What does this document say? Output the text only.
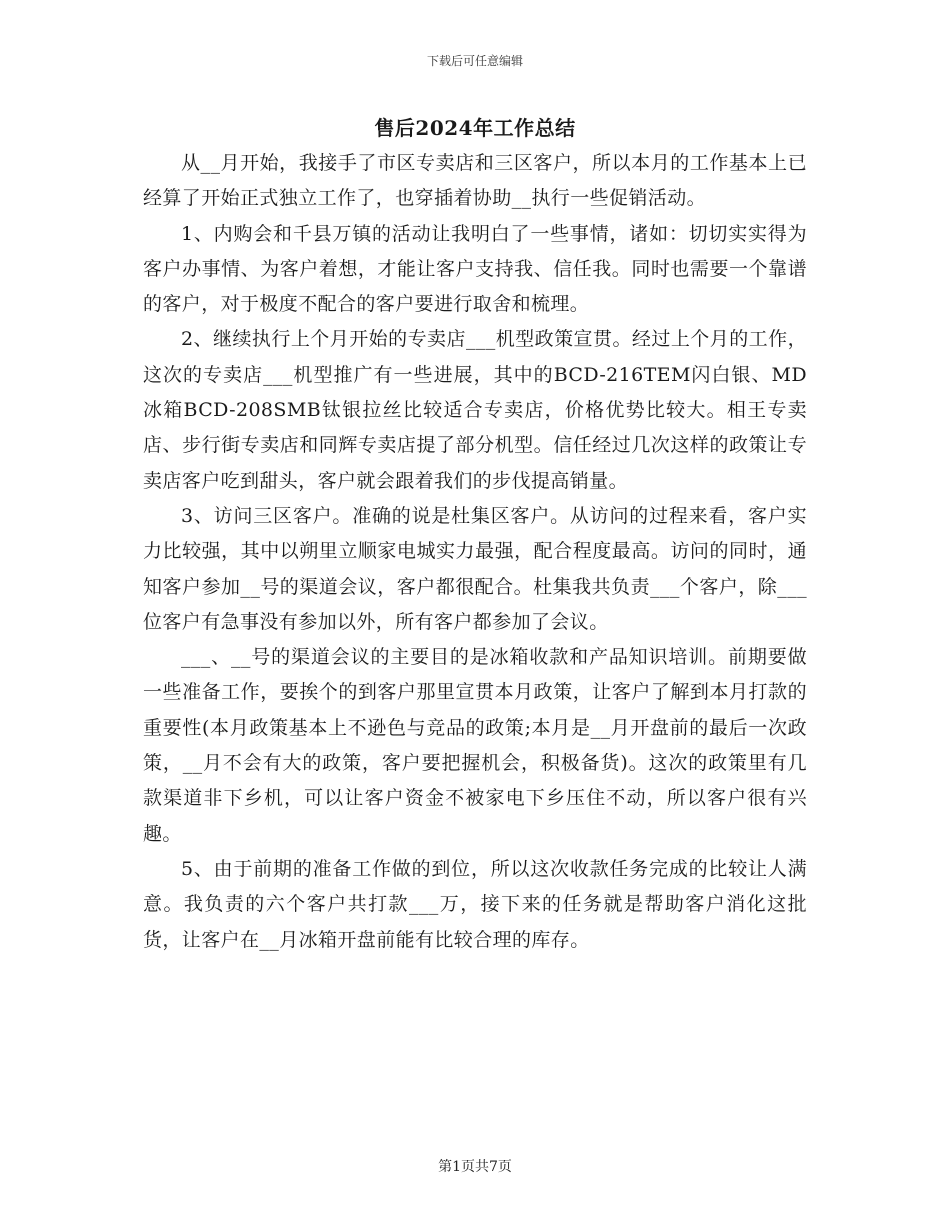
下载后可任意编辑
售后2024年工作总结

从__月开始，我接手了市区专卖店和三区客户，所以本月的工作基本上已经算了开始正式独立工作了，也穿插着协助__执行一些促销活动。

1、内购会和千县万镇的活动让我明白了一些事情，诸如：切切实实得为客户办事情、为客户着想，才能让客户支持我、信任我。同时也需要一个靠谱的客户，对于极度不配合的客户要进行取舍和梳理。

2、继续执行上个月开始的专卖店___机型政策宣贯。经过上个月的工作，这次的专卖店___机型推广有一些进展，其中的BCD-216TEM闪白银、MD冰箱BCD-208SMB钛银拉丝比较适合专卖店，价格优势比较大。相王专卖店、步行街专卖店和同辉专卖店提了部分机型。信任经过几次这样的政策让专卖店客户吃到甜头，客户就会跟着我们的步伐提高销量。

3、访问三区客户。准确的说是杜集区客户。从访问的过程来看，客户实力比较强，其中以朔里立顺家电城实力最强，配合程度最高。访问的同时，通知客户参加__号的渠道会议，客户都很配合。杜集我共负责___个客户，除___位客户有急事没有参加以外，所有客户都参加了会议。

___、__号的渠道会议的主要目的是冰箱收款和产品知识培训。前期要做一些准备工作，要挨个的到客户那里宣贯本月政策，让客户了解到本月打款的重要性(本月政策基本上不逊色与竞品的政策;本月是__月开盘前的最后一次政策，__月不会有大的政策，客户要把握机会，积极备货)。这次的政策里有几款渠道非下乡机，可以让客户资金不被家电下乡压住不动，所以客户很有兴趣。

5、由于前期的准备工作做的到位，所以这次收款任务完成的比较让人满意。我负责的六个客户共打款___万，接下来的任务就是帮助客户消化这批货，让客户在__月冰箱开盘前能有比较合理的库存。

第1页共7页
